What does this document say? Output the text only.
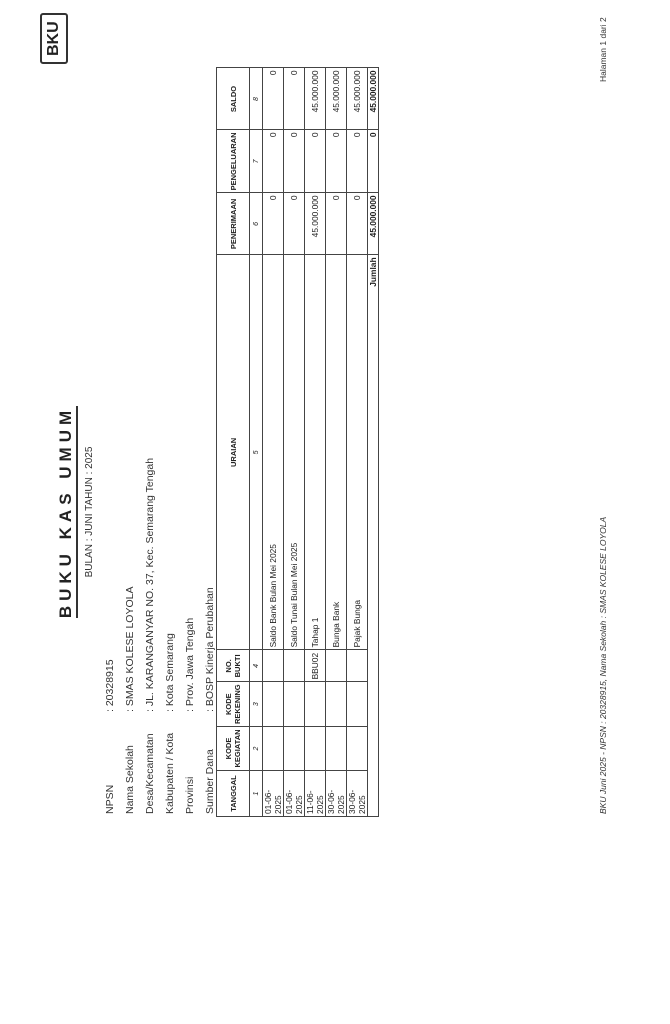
BKU
BUKU KAS UMUM BULAN : JUNI TAHUN : 2025
NPSN	: 20328915
Nama Sekolah	: SMAS KOLESE LOYOLA
Desa/Kecamatan	: JL. KARANGANYAR NO. 37, Kec. Semarang Tengah
Kabupaten / Kota	: Kota Semarang
Provinsi	: Prov. Jawa Tengah
Sumber Dana	: BOSP Kinerja Perubahan
TANGGAL	KODE KEGIATAN	KODE REKENING	NO. BUKTI	URAIAN	PENERIMAAN	PENGELUARAN	SALDO
1	2	3	4	5	6	7	8
01-06-2025				Saldo Bank Bulan Mei 2025	0	0	0
01-06-2025				Saldo Tunai Bulan Mei 2025	0	0	0
11-06-2025			BBU02	Tahap 1	45.000.000	0	45.000.000
30-06-2025				Bunga Bank	0	0	45.000.000
30-06-2025				Pajak Bunga	0	0	45.000.000
Jumlah					45.000.000	0	45.000.000
BKU Juni 2025 - NPSN : 20328915, Nama Sekolah : SMAS KOLESE LOYOLA
Halaman 1 dari 2
